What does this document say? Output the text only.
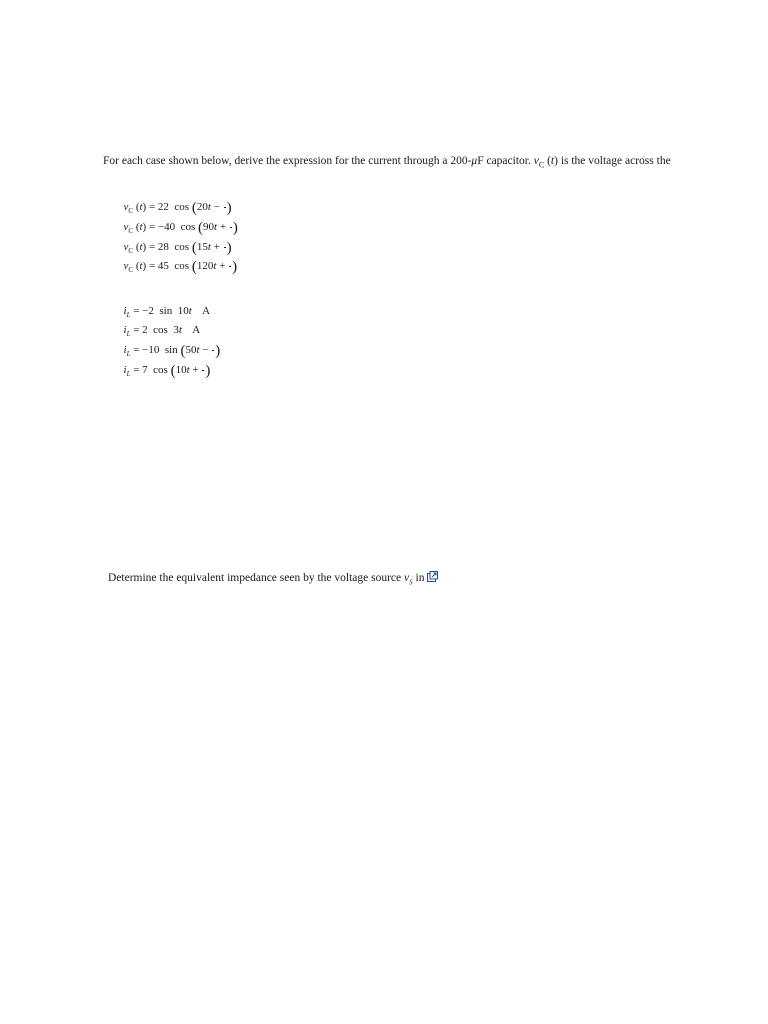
For each case shown below, derive the expression for the current through a 200-μF capacitor. $v_C$ (t) is the voltage across the
$v_C$ (t) = 22  cos (20t −
)
$v_C$ (t) = −40  cos (90t +
)
$v_C$ (t) = 28  cos (15t +
)
$v_C$ (t) = 45  cos (120t +
)
$i_L = -2$  sin  10t    A
$i_L = 2$  cos  3t    A
$i_L = -10$  sin (50t −
)
$i_L = 7$  cos (10t +
)
Determine the equivalent impedance seen by the voltage source $v_S$ in
